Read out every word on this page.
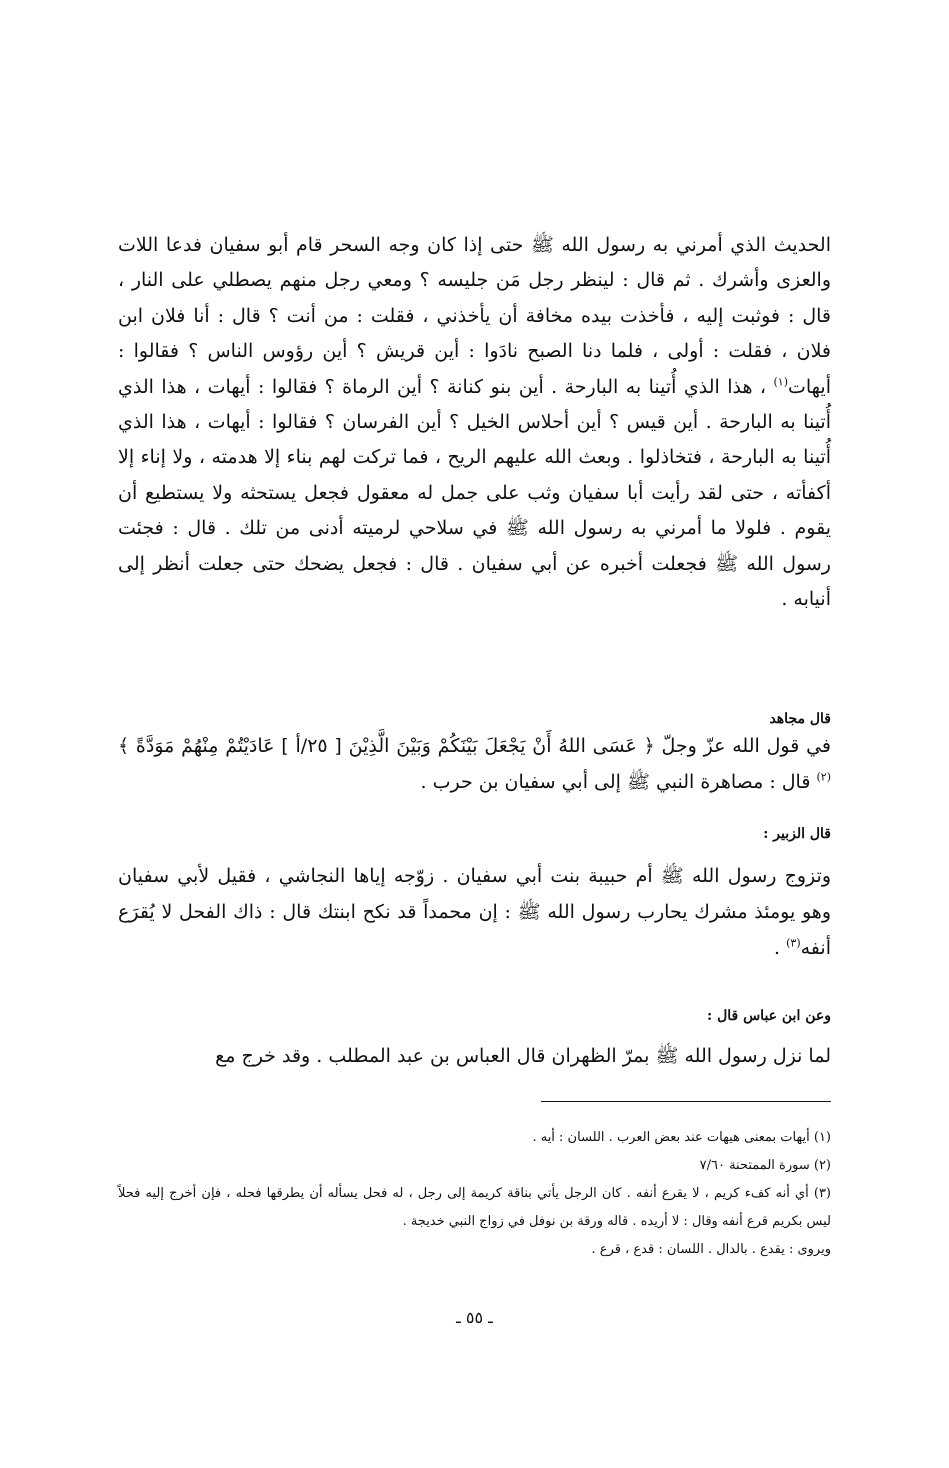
الحديث الذي أمرني به رسول الله ﷺ حتى إذا كان وجه السحر قام أبو سفيان فدعا اللات والعزى وأشرك . ثم قال : لينظر رجل مَن جليسه ؟ ومعي رجل منهم يصطلي على النار ، قال : فوثبت إليه ، فأخذت بيده مخافة أن يأخذني ، فقلت : من أنت ؟ قال : أنا فلان ابن فلان ، فقلت : أولى ، فلما دنا الصبح نادَوا : أين قريش ؟ أين رؤوس الناس ؟ فقالوا : أيهات$^{(١)}$ ، هذا الذي أُتينا به البارحة . أين بنو كنانة ؟ أين الرماة ؟ فقالوا : أيهات ، هذا الذي أُتينا به البارحة . أين قيس ؟ أين أحلاس الخيل ؟ أين الفرسان ؟ فقالوا : أيهات ، هذا الذي أُتينا به البارحة ، فتخاذلوا . وبعث الله عليهم الريح ، فما تركت لهم بناء إلا هدمته ، ولا إناء إلا أكفأته ، حتى لقد رأيت أبا سفيان وثب على جمل له معقول فجعل يستحثه ولا يستطيع أن يقوم . فلولا ما أمرني به رسول الله ﷺ في سلاحي لرميته أدنى من تلك . قال : فجئت رسول الله ﷺ فجعلت أخبره عن أبي سفيان . قال : فجعل يضحك حتى جعلت أنظر إلى أنيابه .

قال مجاهد

في قول الله عزّ وجلّ ﴿ عَسَى اللهُ أَنْ يَجْعَلَ بَيْنَكُمْ وَبَيْنَ الَّذِيْنَ [ ٢٥/أ ] عَادَيْتُمْ مِنْهُمْ مَوَدَّةً ﴾$^{(٢)}$ قال : مصاهرة النبي ﷺ إلى أبي سفيان بن حرب .

قال الزبير :

وتزوج رسول الله ﷺ أم حبيبة بنت أبي سفيان . زوّجه إياها النجاشي ، فقيل لأبي سفيان وهو يومئذ مشرك يحارب رسول الله ﷺ : إن محمداً قد نكح ابنتك قال : ذاك الفحل لا يُقرَع أنفه$^{(٣)}$ .

وعن ابن عباس قال :

لما نزل رسول الله ﷺ بمرّ الظهران قال العباس بن عبد المطلب . وقد خرج مع

(١) أيهات بمعنى هيهات عند بعض العرب . اللسان : أيه .

(٢) سورة الممتحنة ٧/٦٠

(٣) أي أنه كفء كريم ، لا يقرع أنفه . كان الرجل يأتي بناقة كريمة إلى رجل ، له فحل يسأله أن يطرقها فحله ، فإن أخرج إليه فحلاً ليس بكريم قرع أنفه وقال : لا أريده . قاله ورقة بن نوفل في زواج النبي خديجة .

ويروى : يقدع . بالدال . اللسان : قدع ، قرع .

ـ ٥٥ ـ
